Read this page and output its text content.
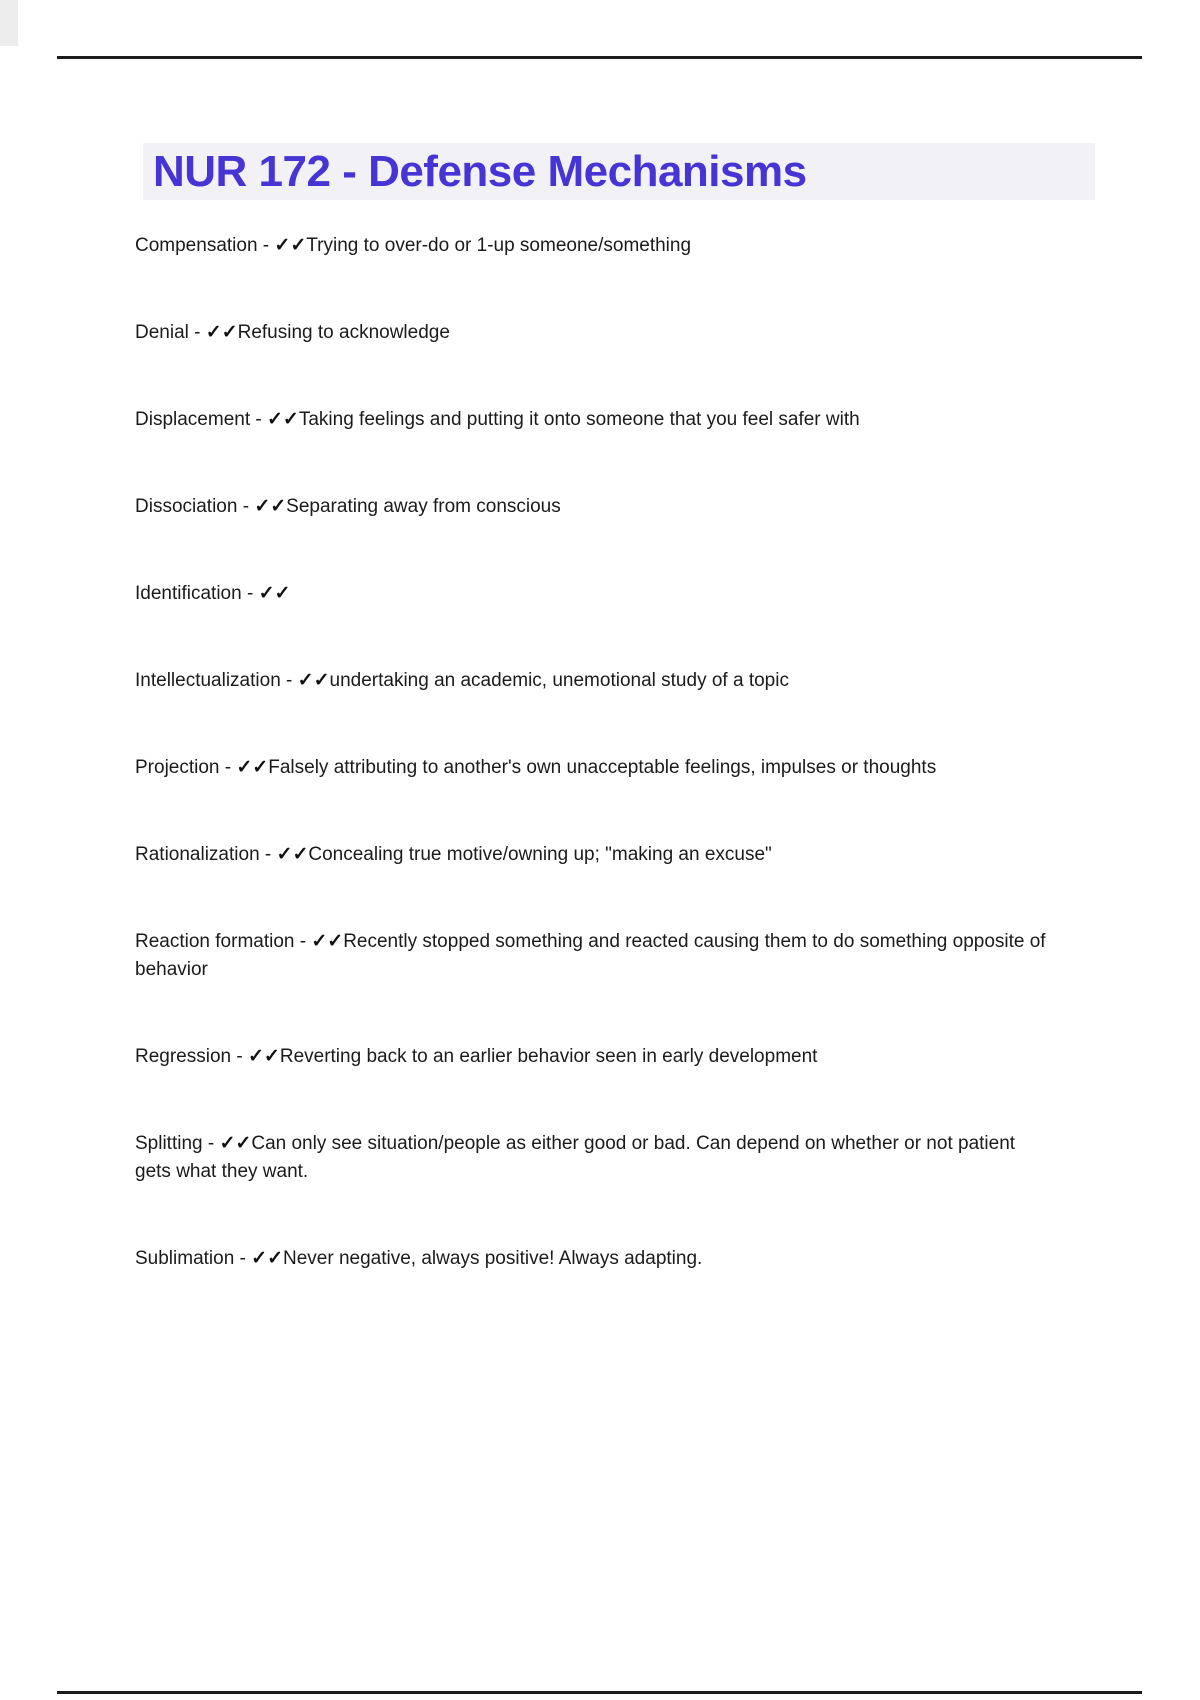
NUR 172 - Defense Mechanisms

Compensation - ✓✓Trying to over-do or 1-up someone/something

Denial - ✓✓Refusing to acknowledge

Displacement - ✓✓Taking feelings and putting it onto someone that you feel safer with

Dissociation - ✓✓Separating away from conscious

Identification - ✓✓

Intellectualization - ✓✓undertaking an academic, unemotional study of a topic

Projection - ✓✓Falsely attributing to another's own unacceptable feelings, impulses or thoughts

Rationalization - ✓✓Concealing true motive/owning up; "making an excuse"

Reaction formation - ✓✓Recently stopped something and reacted causing them to do something opposite of behavior

Regression - ✓✓Reverting back to an earlier behavior seen in early development

Splitting - ✓✓Can only see situation/people as either good or bad. Can depend on whether or not patient gets what they want.

Sublimation - ✓✓Never negative, always positive! Always adapting.
